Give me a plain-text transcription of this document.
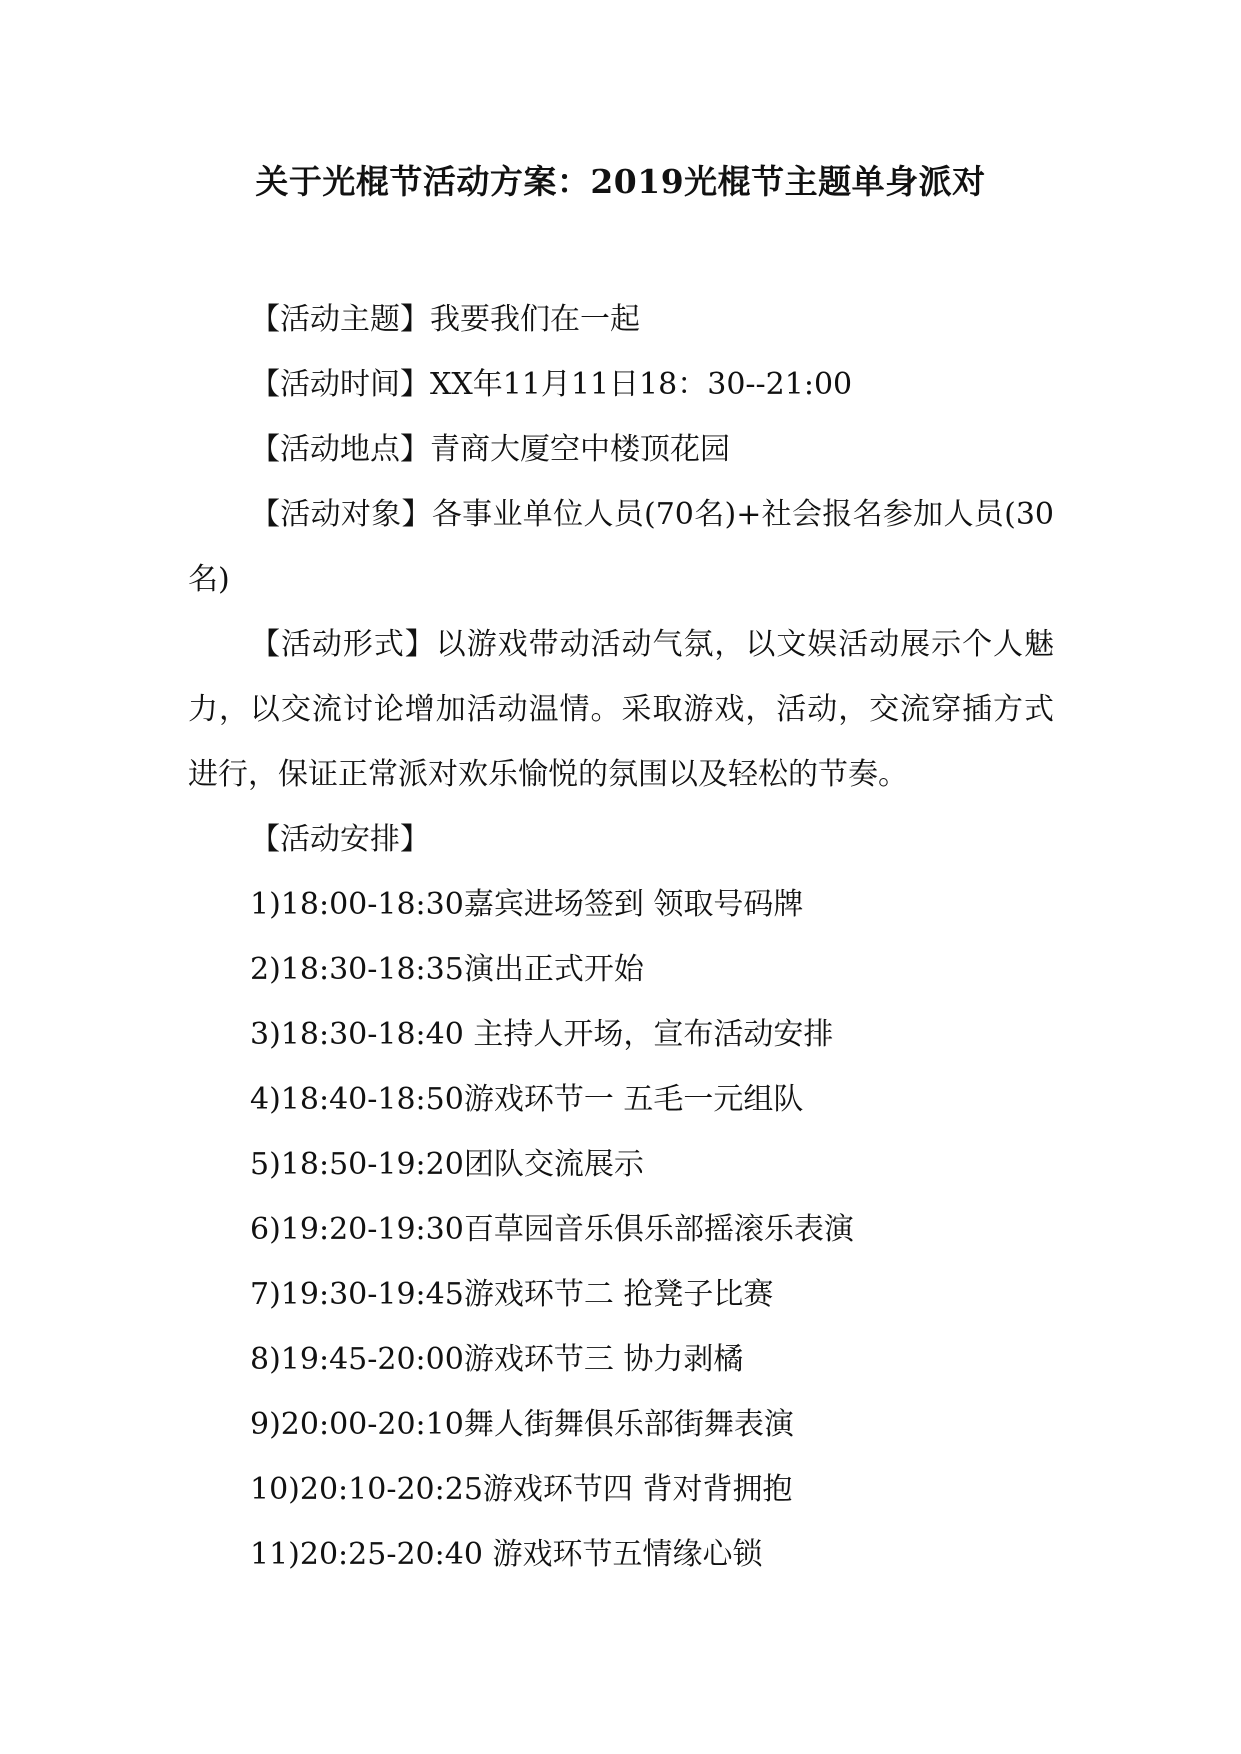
关于光棍节活动方案：2019光棍节主题单身派对

【活动主题】我要我们在一起

【活动时间】XX年11月11日18：30--21:00

【活动地点】青商大厦空中楼顶花园

【活动对象】各事业单位人员(70名)+社会报名参加人员(30名)

【活动形式】以游戏带动活动气氛，以文娱活动展示个人魅力，以交流讨论增加活动温情。采取游戏，活动，交流穿插方式进行，保证正常派对欢乐愉悦的氛围以及轻松的节奏。

【活动安排】

1)18:00-18:30嘉宾进场签到 领取号码牌

2)18:30-18:35演出正式开始

3)18:30-18:40 主持人开场，宣布活动安排

4)18:40-18:50游戏环节一 五毛一元组队

5)18:50-19:20团队交流展示

6)19:20-19:30百草园音乐俱乐部摇滚乐表演

7)19:30-19:45游戏环节二 抢凳子比赛

8)19:45-20:00游戏环节三 协力剥橘

9)20:00-20:10舞人街舞俱乐部街舞表演

10)20:10-20:25游戏环节四 背对背拥抱

11)20:25-20:40 游戏环节五情缘心锁
